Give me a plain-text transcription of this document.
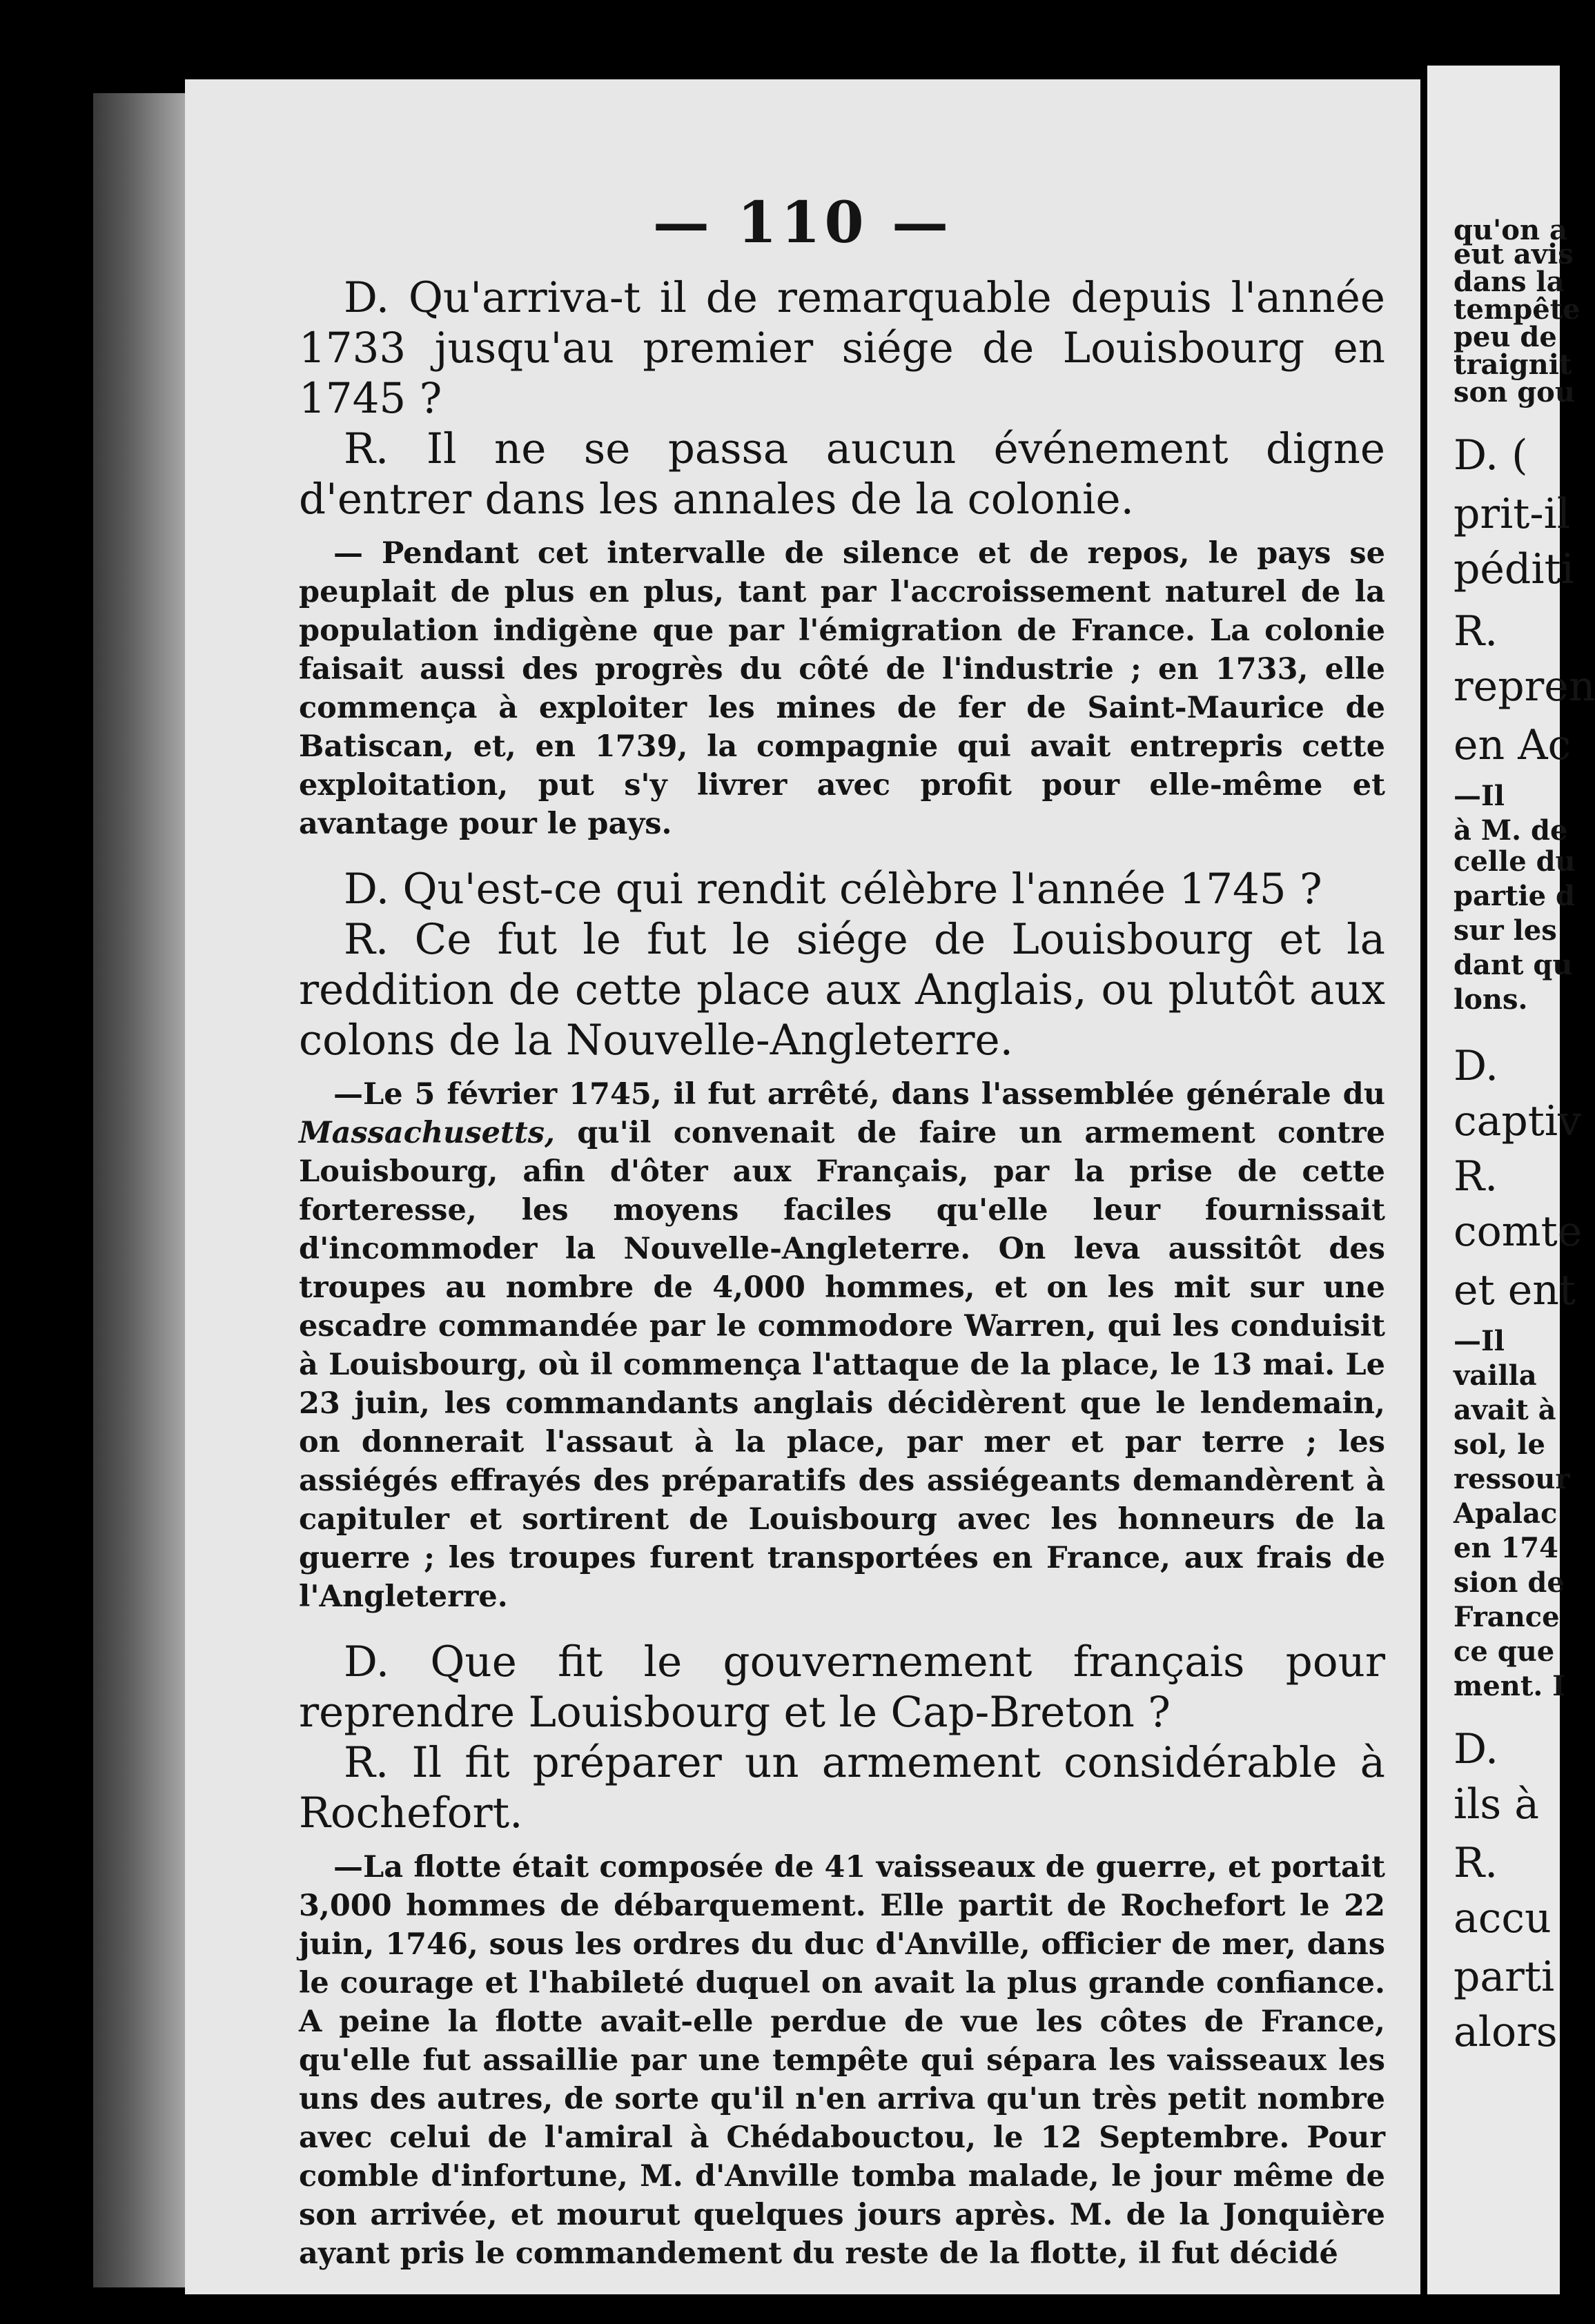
— 110 —

D. Qu'arriva-t il de remarquable depuis l'année 1733 jusqu'au premier siége de Louisbourg en 1745 ?

R. Il ne se passa aucun événement digne d'entrer dans les annales de la colonie.

— Pendant cet intervalle de silence et de repos, le pays se peuplait de plus en plus, tant par l'accroissement naturel de la population indigène que par l'émigration de France. La colonie faisait aussi des progrès du côté de l'industrie ; en 1733, elle commença à exploiter les mines de fer de Saint-Maurice de Batiscan, et, en 1739, la compagnie qui avait entrepris cette exploitation, put s'y livrer avec profit pour elle-même et avantage pour le pays.

D. Qu'est-ce qui rendit célèbre l'année 1745 ?

R. Ce fut le fut le siége de Louisbourg et la reddition de cette place aux Anglais, ou plutôt aux colons de la Nouvelle-Angleterre.

—Le 5 février 1745, il fut arrêté, dans l'assemblée générale du Massachusetts, qu'il convenait de faire un armement contre Louisbourg, afin d'ôter aux Français, par la prise de cette forteresse, les moyens faciles qu'elle leur fournissait d'incommoder la Nouvelle-Angleterre. On leva aussitôt des troupes au nombre de 4,000 hommes, et on les mit sur une escadre commandée par le commodore Warren, qui les conduisit à Louisbourg, où il commença l'attaque de la place, le 13 mai. Le 23 juin, les commandants anglais décidèrent que le lendemain, on donnerait l'assaut à la place, par mer et par terre ; les assiégés effrayés des préparatifs des assiégeants demandèrent à capituler et sortirent de Louisbourg avec les honneurs de la guerre ; les troupes furent transportées en France, aux frais de l'Angleterre.

D. Que fit le gouvernement français pour reprendre Louisbourg et le Cap-Breton ?

R. Il fit préparer un armement considérable à Rochefort.

—La flotte était composée de 41 vaisseaux de guerre, et portait 3,000 hommes de débarquement. Elle partit de Rochefort le 22 juin, 1746, sous les ordres du duc d'Anville, officier de mer, dans le courage et l'habileté duquel on avait la plus grande confiance. A peine la flotte avait-elle perdue de vue les côtes de France, qu'elle fut assaillie par une tempête qui sépara les vaisseaux les uns des autres, de sorte qu'il n'en arriva qu'un très petit nombre avec celui de l'amiral à Chédabouctou, le 12 Septembre. Pour comble d'infortune, M. d'Anville tomba malade, le jour même de son arrivée, et mourut quelques jours après. M. de la Jonquière ayant pris le commandement du reste de la flotte, il fut décidé

qu'on a
eut avis
dans la
tempête
peu de
traignit
son gou
D. (
prit-il
péditi
R.
repren
en Ac
—Il
à M. de
celle du
partie d
sur les
dant qu
lons.
D.
captiv
R.
comte
et ent
—Il
vailla
avait à
sol, le
ressour
Apalac
en 174
sion de
France
ce que
ment. I
D.
ils à
R.
accu
parti
alors
